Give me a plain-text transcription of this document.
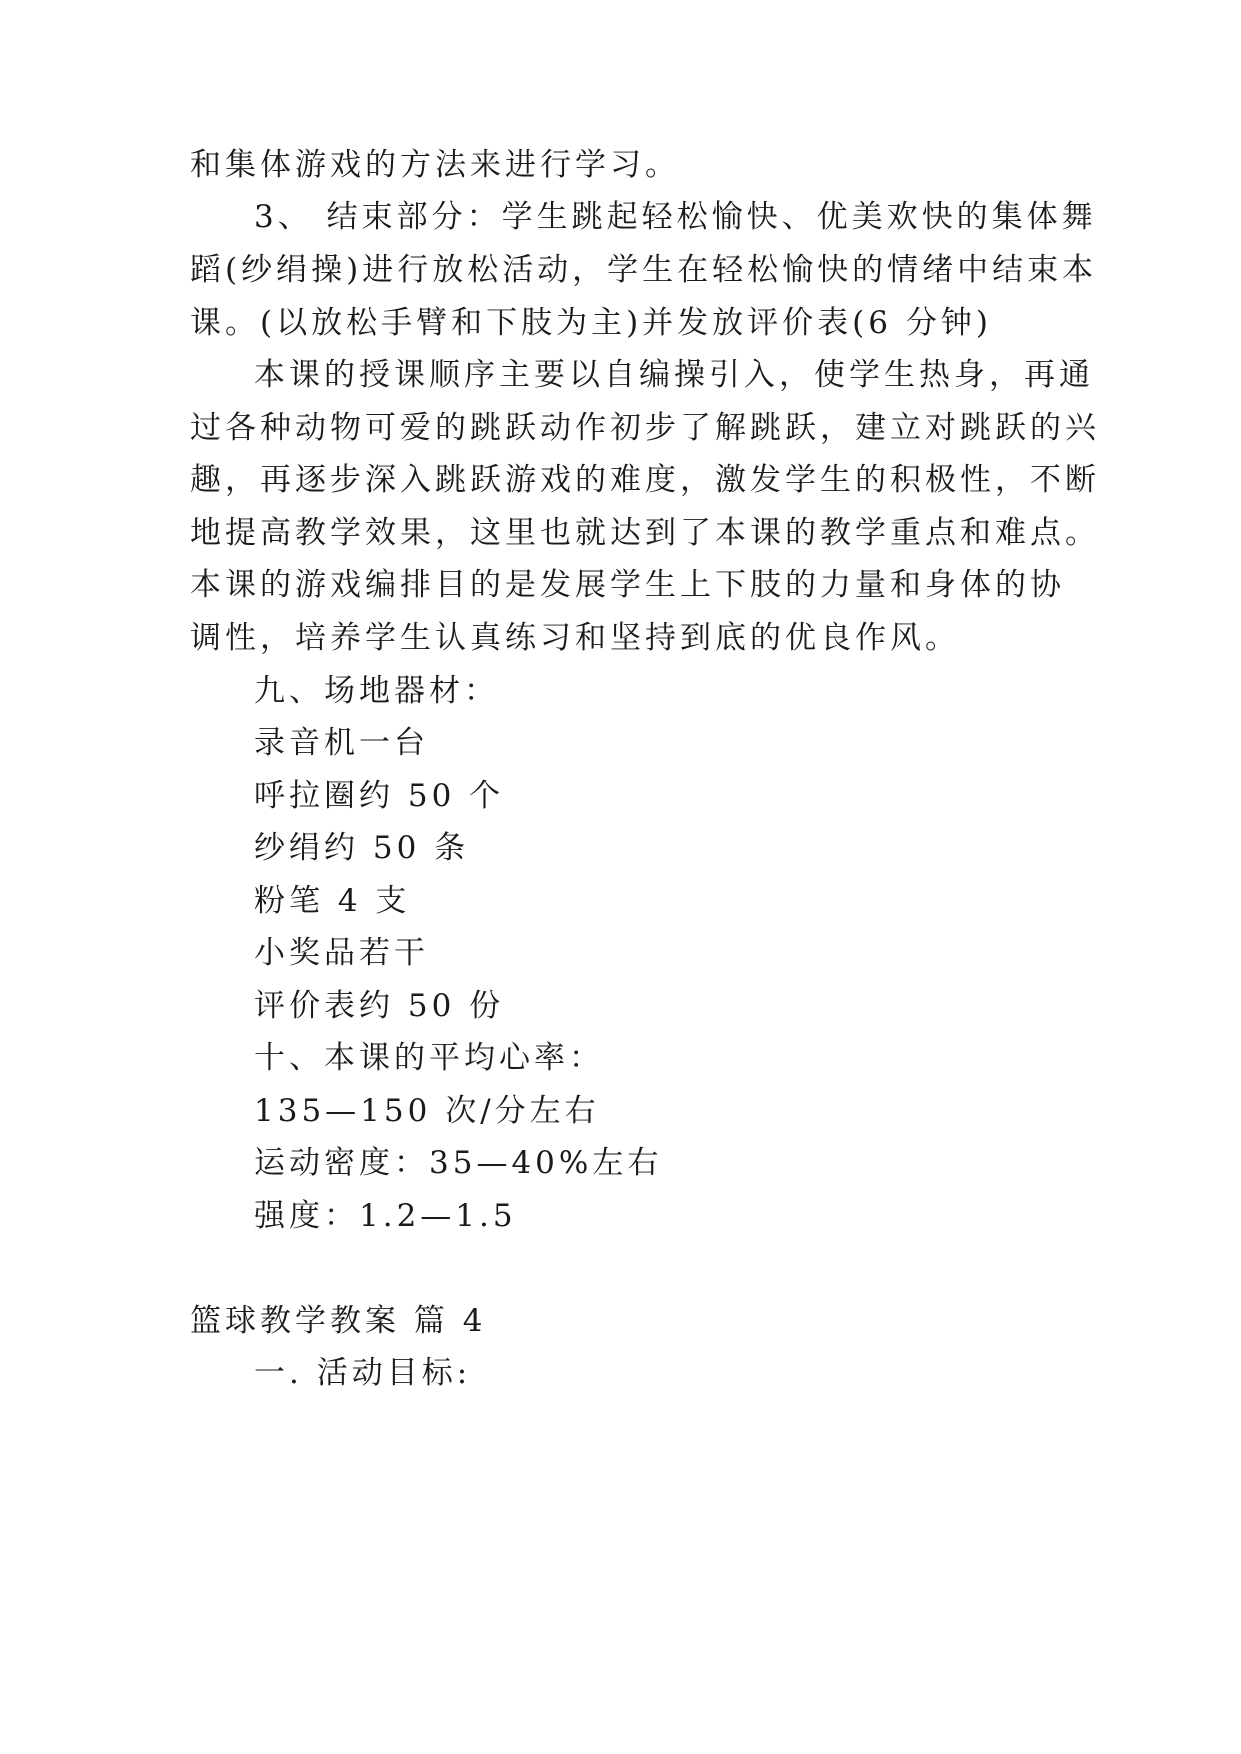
和集体游戏的方法来进行学习。
3、 结束部分：学生跳起轻松愉快、优美欢快的集体舞
蹈(纱绢操)进行放松活动，学生在轻松愉快的情绪中结束本
课。(以放松手臂和下肢为主)并发放评价表(6 分钟)
本课的授课顺序主要以自编操引入，使学生热身，再通
过各种动物可爱的跳跃动作初步了解跳跃，建立对跳跃的兴
趣，再逐步深入跳跃游戏的难度，激发学生的积极性，不断
地提高教学效果，这里也就达到了本课的教学重点和难点。
本课的游戏编排目的是发展学生上下肢的力量和身体的协
调性，培养学生认真练习和坚持到底的优良作风。
九、场地器材：
录音机一台
呼拉圈约 50 个
纱绢约 50 条
粉笔 4 支
小奖品若干
评价表约 50 份
十、本课的平均心率：
135—150 次/分左右
运动密度：35—40%左右
强度：1.2—1.5
篮球教学教案 篇 4
一. 活动目标:
